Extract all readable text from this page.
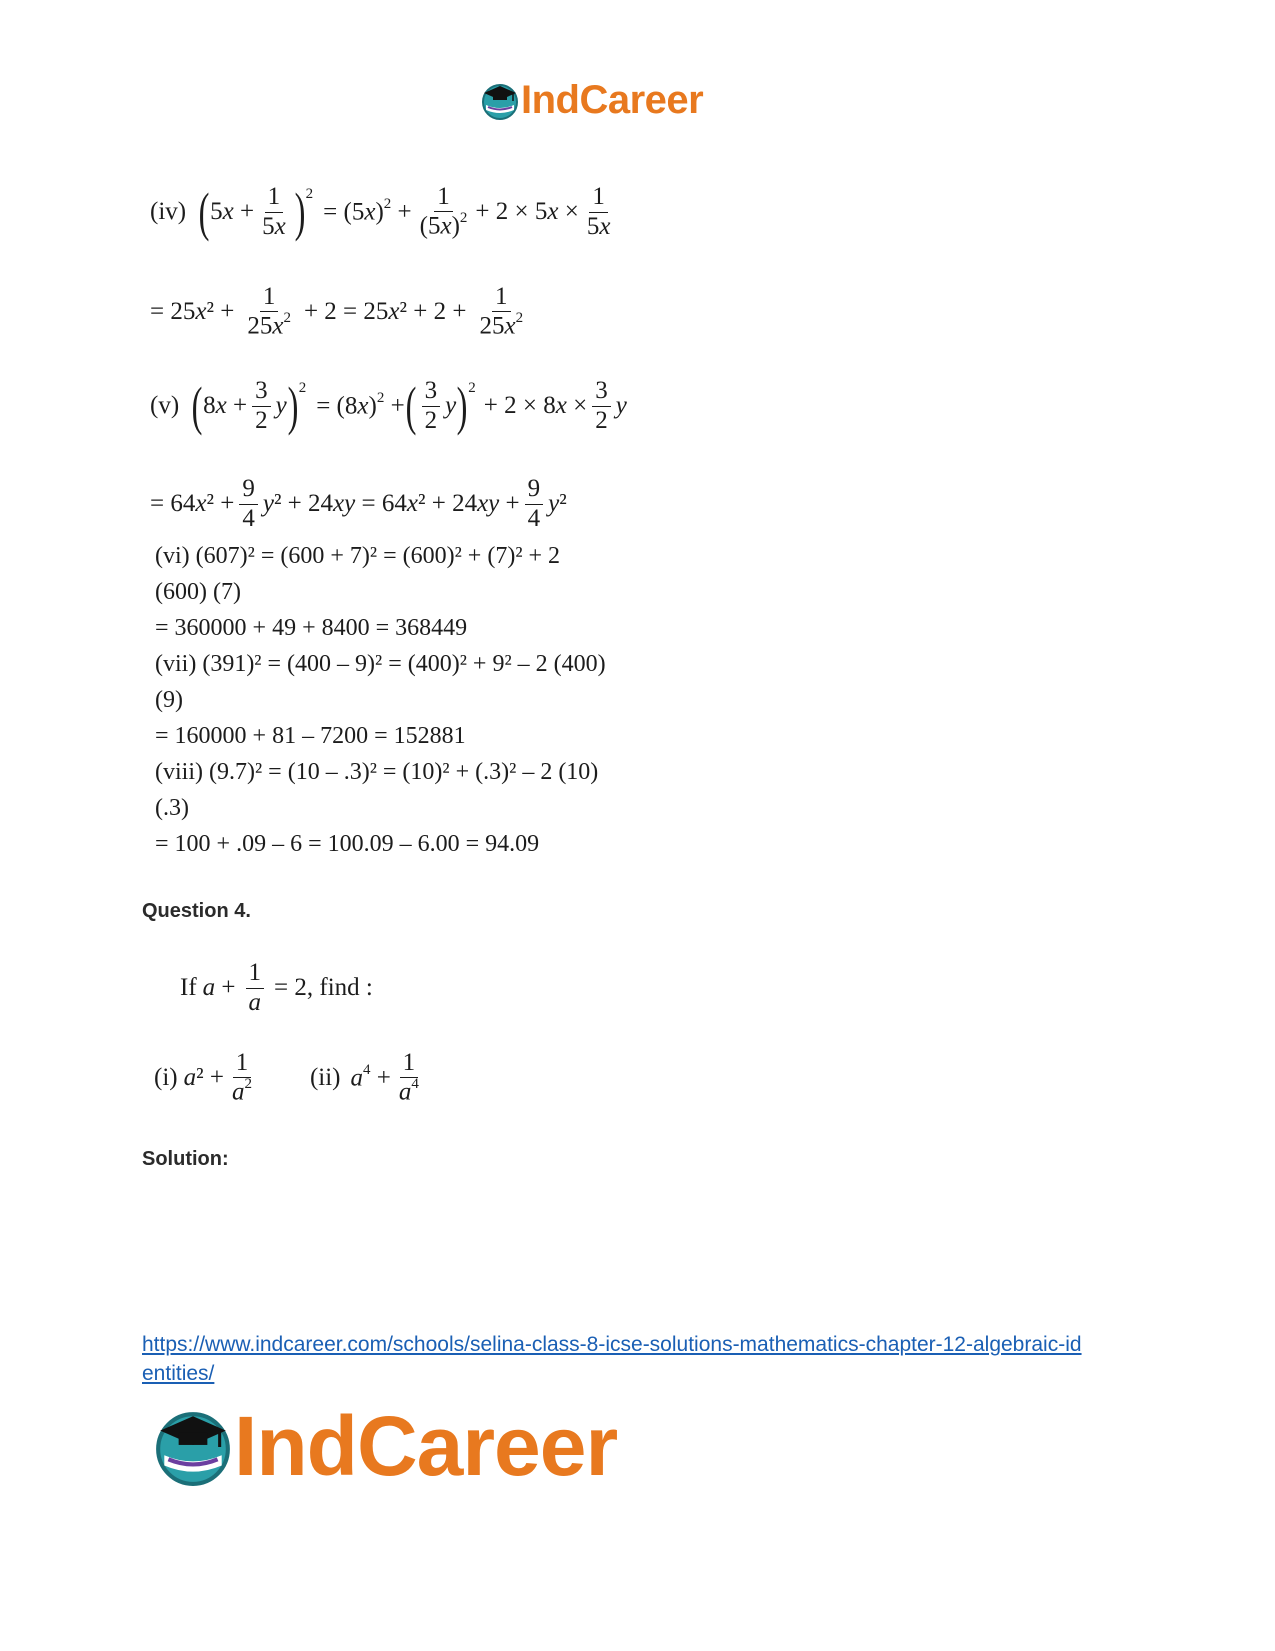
IndCareer
(iv) ( $5x + \frac{1}{5x} )^2$
= $(5x)^2 + \frac{1}{(5x)^2} + 2 \times 5x \times \frac{1}{5x}$
= $25x^2 + \frac{1}{25x^2} + 2 = 25x^2 + 2 + \frac{1}{25x^2}$
(v) ( $8x + \frac{3}{2}$ y )$^2$
= $(8x)^2$ + ( $\frac{3}{2}$ y )$^2$
+ $2 \times 8x \times \frac{3}{2}$ y
= $64x^2 + \frac{9}{4} y^2 + 24xy = 64x^2 + 24xy + \frac{9}{4} y^2$
(vi) (607)² = (600 + 7)² = (600)² + (7)² + 2
(600) (7)
= 360000 + 49 + 8400 = 368449
(vii) (391)² = (400 – 9)² = (400)² + 9² – 2 (400)
(9)
= 160000 + 81 – 7200 = 152881
(viii) (9.7)² = (10 – .3)² = (10)² + (.3)² – 2 (10)
(.3)
= 100 + .09 – 6 = 100.09 – 6.00 = 94.09
Question 4.
If $a + \frac{1}{a} = 2$, find :
(i) $a^2 + \frac{1}{a^2} (ii) a^4 + \frac{1}{a^4}$
Solution:
https://www.indcareer.com/schools/selina-class-8-icse-solutions-mathematics-chapter-12-algebraic-identities/
IndCareer
